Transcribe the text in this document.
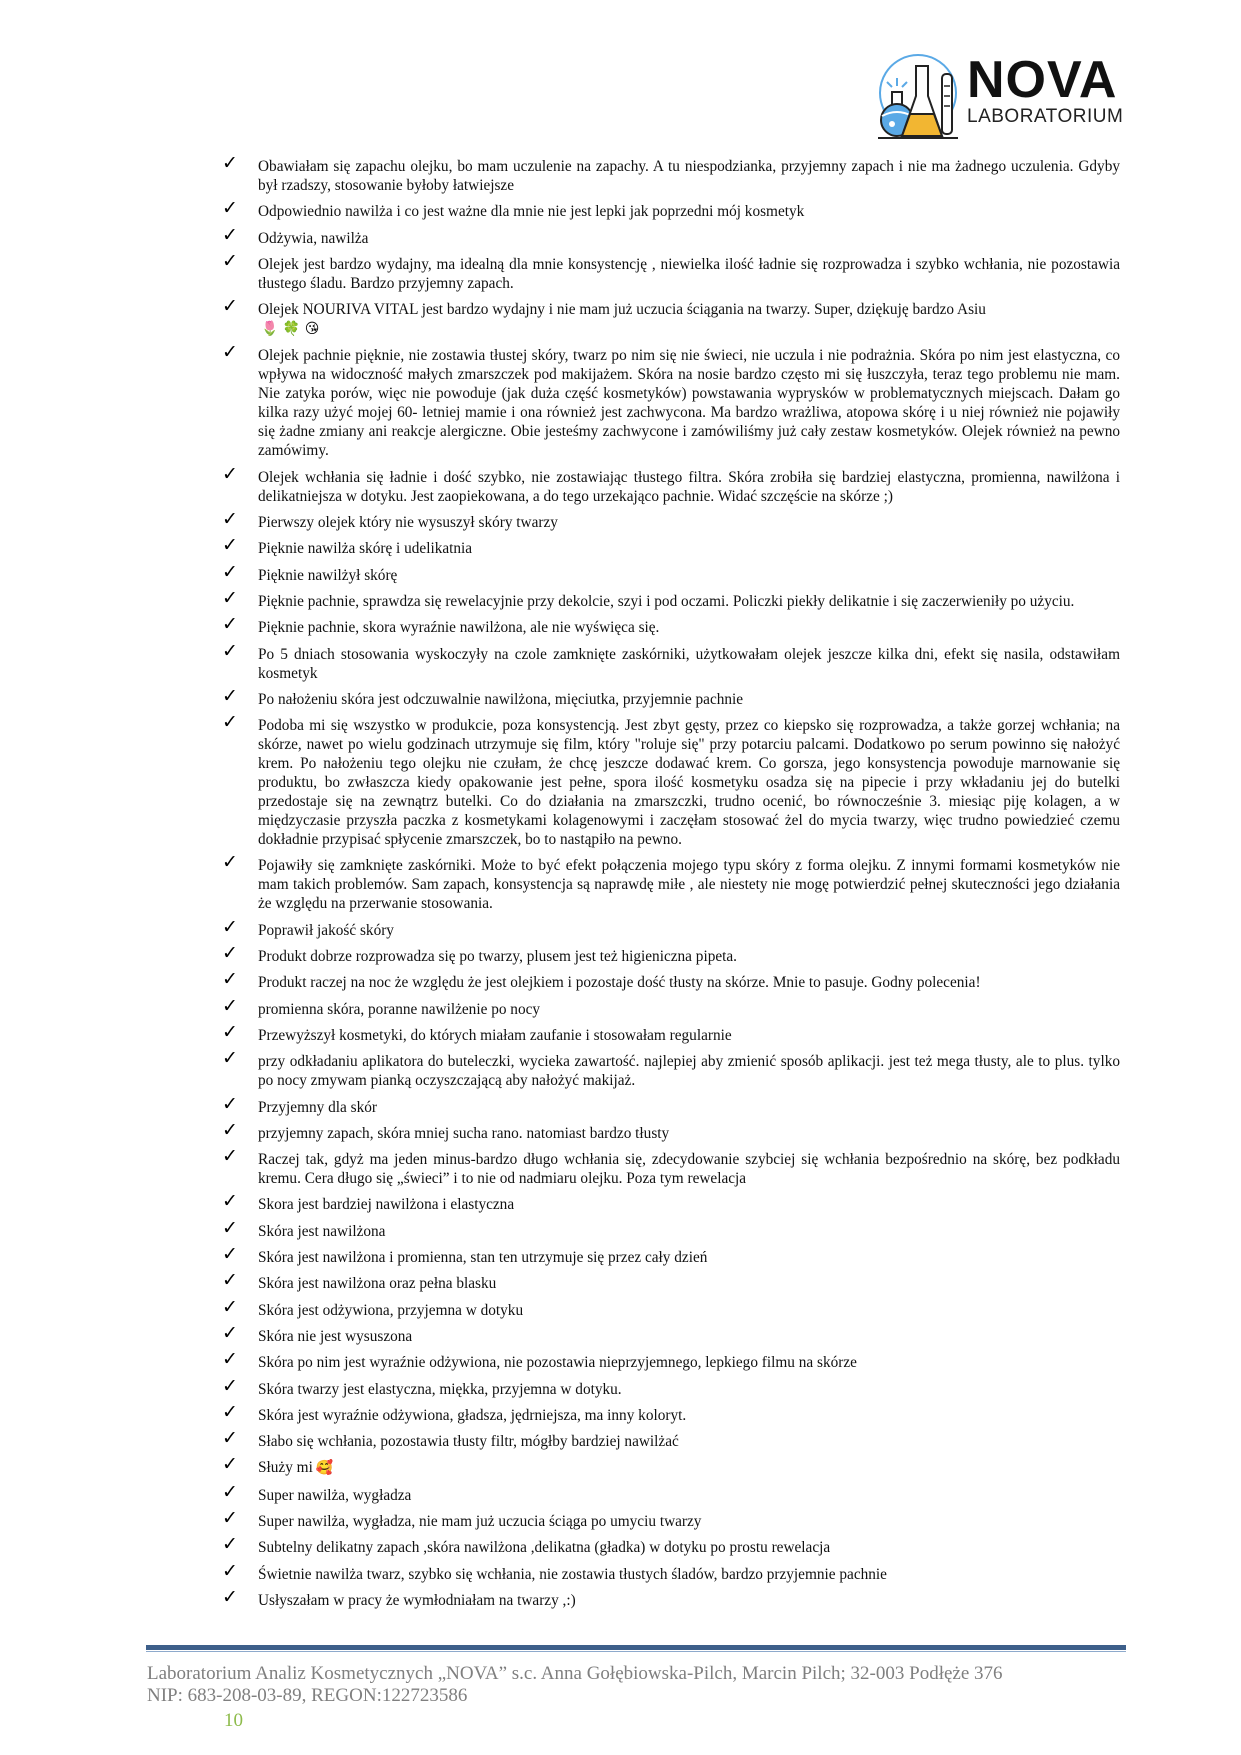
NOVA
LABORATORIUM
✓ Obawiałam się zapachu olejku, bo mam uczulenie na zapachy. A tu niespodzianka, przyjemny zapach i nie ma żadnego uczulenia. Gdyby był rzadszy, stosowanie byłoby łatwiejsze
✓ Odpowiednio nawilża i co jest ważne dla mnie nie jest lepki jak poprzedni mój kosmetyk
✓ Odżywia, nawilża
✓ Olejek jest bardzo wydajny, ma idealną dla mnie konsystencję , niewielka ilość ładnie się rozprowadza i szybko wchłania, nie pozostawia tłustego śladu. Bardzo przyjemny zapach.
✓ Olejek NOURIVA VITAL jest bardzo wydajny i nie mam już uczucia ściągania na twarzy. Super, dziękuję bardzo Asiu
🌷 🍀 😘
✓ Olejek pachnie pięknie, nie zostawia tłustej skóry, twarz po nim się nie świeci, nie uczula i nie podrażnia. Skóra po nim jest elastyczna, co wpływa na widoczność małych zmarszczek pod makijażem. Skóra na nosie bardzo często mi się łuszczyła, teraz tego problemu nie mam. Nie zatyka porów, więc nie powoduje (jak duża część kosmetyków) powstawania wyprysków w problematycznych miejscach. Dałam go kilka razy użyć mojej 60- letniej mamie i ona również jest zachwycona. Ma bardzo wrażliwa, atopowa skórę i u niej również nie pojawiły się żadne zmiany ani reakcje alergiczne. Obie jesteśmy zachwycone i zamówiliśmy już cały zestaw kosmetyków. Olejek również na pewno zamówimy.
✓ Olejek wchłania się ładnie i dość szybko, nie zostawiając tłustego filtra. Skóra zrobiła się bardziej elastyczna, promienna, nawilżona i delikatniejsza w dotyku. Jest zaopiekowana, a do tego urzekająco pachnie. Widać szczęście na skórze ;)
✓ Pierwszy olejek który nie wysuszył skóry twarzy
✓ Pięknie nawilża skórę i udelikatnia
✓ Pięknie nawilżył skórę
✓ Pięknie pachnie, sprawdza się rewelacyjnie przy dekolcie, szyi i pod oczami. Policzki piekły delikatnie i się zaczerwieniły po użyciu.
✓ Pięknie pachnie, skora wyraźnie nawilżona, ale nie wyświęca się.
✓ Po 5 dniach stosowania wyskoczyły na czole zamknięte zaskórniki, użytkowałam olejek jeszcze kilka dni, efekt się nasila, odstawiłam kosmetyk
✓ Po nałożeniu skóra jest odczuwalnie nawilżona, mięciutka, przyjemnie pachnie
✓ Podoba mi się wszystko w produkcie, poza konsystencją. Jest zbyt gęsty, przez co kiepsko się rozprowadza, a także gorzej wchłania; na skórze, nawet po wielu godzinach utrzymuje się film, który "roluje się" przy potarciu palcami. Dodatkowo po serum powinno się nałożyć krem. Po nałożeniu tego olejku nie czułam, że chcę jeszcze dodawać krem. Co gorsza, jego konsystencja powoduje marnowanie się produktu, bo zwłaszcza kiedy opakowanie jest pełne, spora ilość kosmetyku osadza się na pipecie i przy wkładaniu jej do butelki przedostaje się na zewnątrz butelki. Co do działania na zmarszczki, trudno ocenić, bo równocześnie 3. miesiąc piję kolagen, a w międzyczasie przyszła paczka z kosmetykami kolagenowymi i zaczęłam stosować żel do mycia twarzy, więc trudno powiedzieć czemu dokładnie przypisać spłycenie zmarszczek, bo to nastąpiło na pewno.
✓ Pojawiły się zamknięte zaskórniki. Może to być efekt połączenia mojego typu skóry z forma olejku. Z innymi formami kosmetyków nie mam takich problemów. Sam zapach, konsystencja są naprawdę miłe , ale niestety nie mogę potwierdzić pełnej skuteczności jego działania że względu na przerwanie stosowania.
✓ Poprawił jakość skóry
✓ Produkt dobrze rozprowadza się po twarzy, plusem jest też higieniczna pipeta.
✓ Produkt raczej na noc że względu że jest olejkiem i pozostaje dość tłusty na skórze. Mnie to pasuje. Godny polecenia!
✓ promienna skóra, poranne nawilżenie po nocy
✓ Przewyższył kosmetyki, do których miałam zaufanie i stosowałam regularnie
✓ przy odkładaniu aplikatora do buteleczki, wycieka zawartość. najlepiej aby zmienić sposób aplikacji. jest też mega tłusty, ale to plus. tylko po nocy zmywam pianką oczyszczającą aby nałożyć makijaż.
✓ Przyjemny dla skór
✓ przyjemny zapach, skóra mniej sucha rano. natomiast bardzo tłusty
✓ Raczej tak, gdyż ma jeden minus-bardzo długo wchłania się, zdecydowanie szybciej się wchłania bezpośrednio na skórę, bez podkładu kremu. Cera długo się „świeci” i to nie od nadmiaru olejku. Poza tym rewelacja
✓ Skora jest bardziej nawilżona i elastyczna
✓ Skóra jest nawilżona
✓ Skóra jest nawilżona i promienna, stan ten utrzymuje się przez cały dzień
✓ Skóra jest nawilżona oraz pełna blasku
✓ Skóra jest odżywiona, przyjemna w dotyku
✓ Skóra nie jest wysuszona
✓ Skóra po nim jest wyraźnie odżywiona, nie pozostawia nieprzyjemnego, lepkiego filmu na skórze
✓ Skóra twarzy jest elastyczna, miękka, przyjemna w dotyku.
✓ Skóra jest wyraźnie odżywiona, gładsza, jędrniejsza, ma inny koloryt.
✓ Słabo się wchłania, pozostawia tłusty filtr, mógłby bardziej nawilżać
✓ Służy mi 🥰
✓ Super nawilża, wygładza
✓ Super nawilża, wygładza, nie mam już uczucia ściąga po umyciu twarzy
✓ Subtelny delikatny zapach ,skóra nawilżona ,delikatna (gładka) w dotyku po prostu rewelacja
✓ Świetnie nawilża twarz, szybko się wchłania, nie zostawia tłustych śladów, bardzo przyjemnie pachnie
✓ Usłyszałam w pracy że wymłodniałam na twarzy ,:)
Laboratorium Analiz Kosmetycznych „NOVA” s.c. Anna Gołębiowska-Pilch, Marcin Pilch; 32-003 Podłęże 376
NIP: 683-208-03-89, REGON:122723586
10
